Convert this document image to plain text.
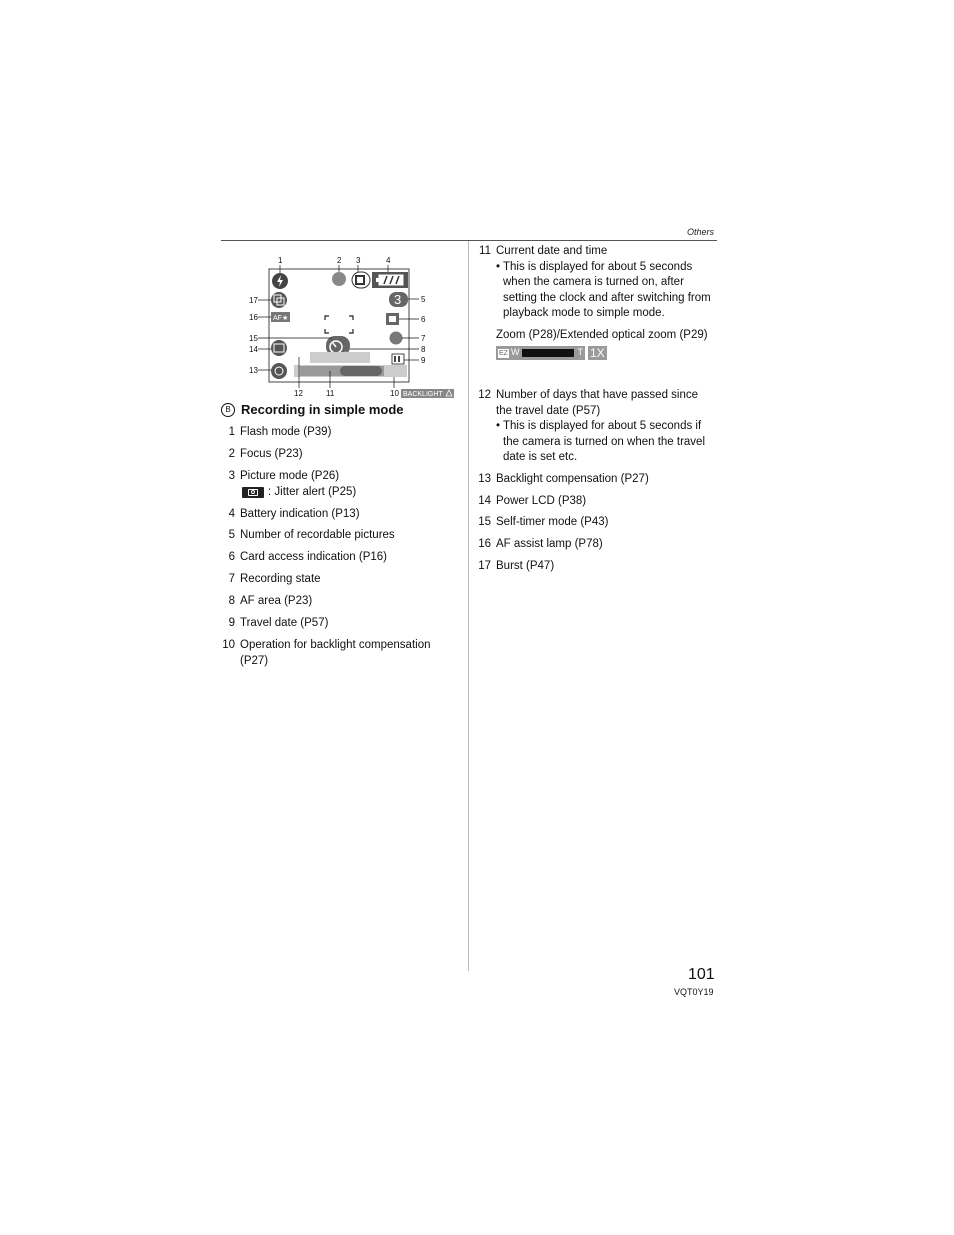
Others
3
AF★
1	2 3	4
5
6
7
8
9
10
11
12
13
14
15
16
17
BACKLIGHT
B Recording in simple mode
1 Flash mode (P39)
2 Focus (P23)
3 Picture mode (P26)
: Jitter alert (P25)
4 Battery indication (P13)
5 Number of recordable pictures
6 Card access indication (P16)
7 Recording state
8 AF area (P23)
9 Travel date (P57)
10 Operation for backlight compensation (P27)
11 Current date and time
• This is displayed for about 5 seconds when the camera is turned on, after setting the clock and after switching from playback mode to simple mode.
Zoom (P28)/Extended optical zoom (P29)
EZ W	T 1X
12 Number of days that have passed since the travel date (P57)
• This is displayed for about 5 seconds if the camera is turned on when the travel date is set etc.
13 Backlight compensation (P27)
14 Power LCD (P38)
15 Self-timer mode (P43)
16 AF assist lamp (P78)
17 Burst (P47)
101
VQT0Y19
